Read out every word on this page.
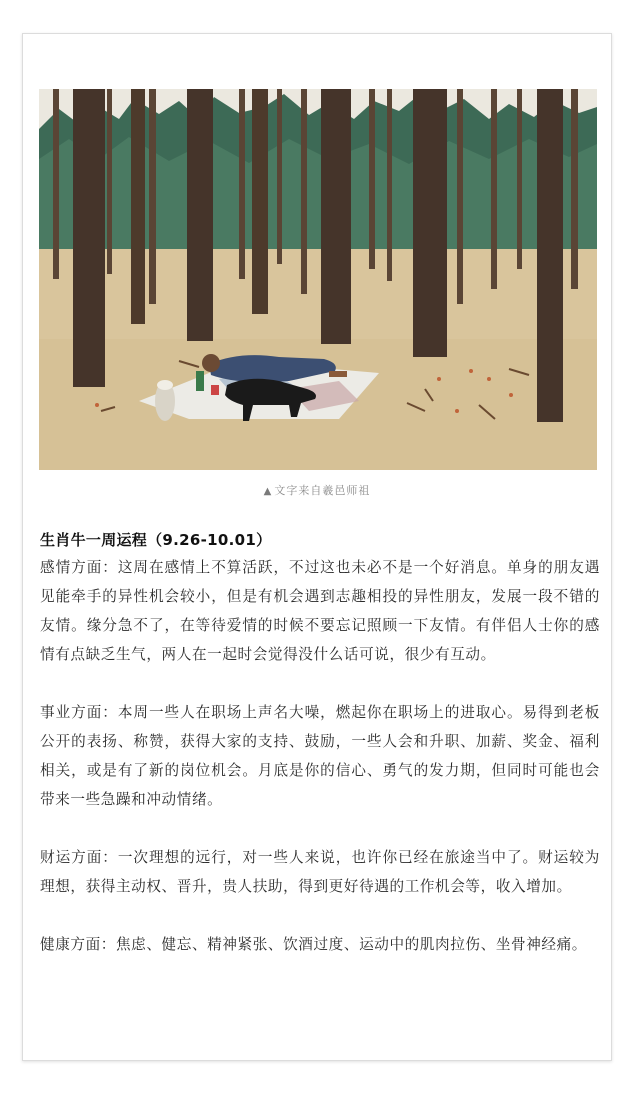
▲ 文字来自羲邑师祖

生肖牛一周运程（9.26-10.01）

感情方面：这周在感情上不算活跃，不过这也未必不是一个好消息。单身的朋友遇见能牵手的异性机会较小，但是有机会遇到志趣相投的异性朋友，发展一段不错的友情。缘分急不了，在等待爱情的时候不要忘记照顾一下友情。有伴侣人士你的感情有点缺乏生气，两人在一起时会觉得没什么话可说，很少有互动。

事业方面：本周一些人在职场上声名大噪，燃起你在职场上的进取心。易得到老板公开的表扬、称赞，获得大家的支持、鼓励，一些人会和升职、加薪、奖金、福利相关，或是有了新的岗位机会。月底是你的信心、勇气的发力期，但同时可能也会带来一些急躁和冲动情绪。

财运方面：一次理想的远行，对一些人来说，也许你已经在旅途当中了。财运较为理想，获得主动权、晋升，贵人扶助，得到更好待遇的工作机会等，收入增加。

健康方面：焦虑、健忘、精神紧张、饮酒过度、运动中的肌肉拉伤、坐骨神经痛。
